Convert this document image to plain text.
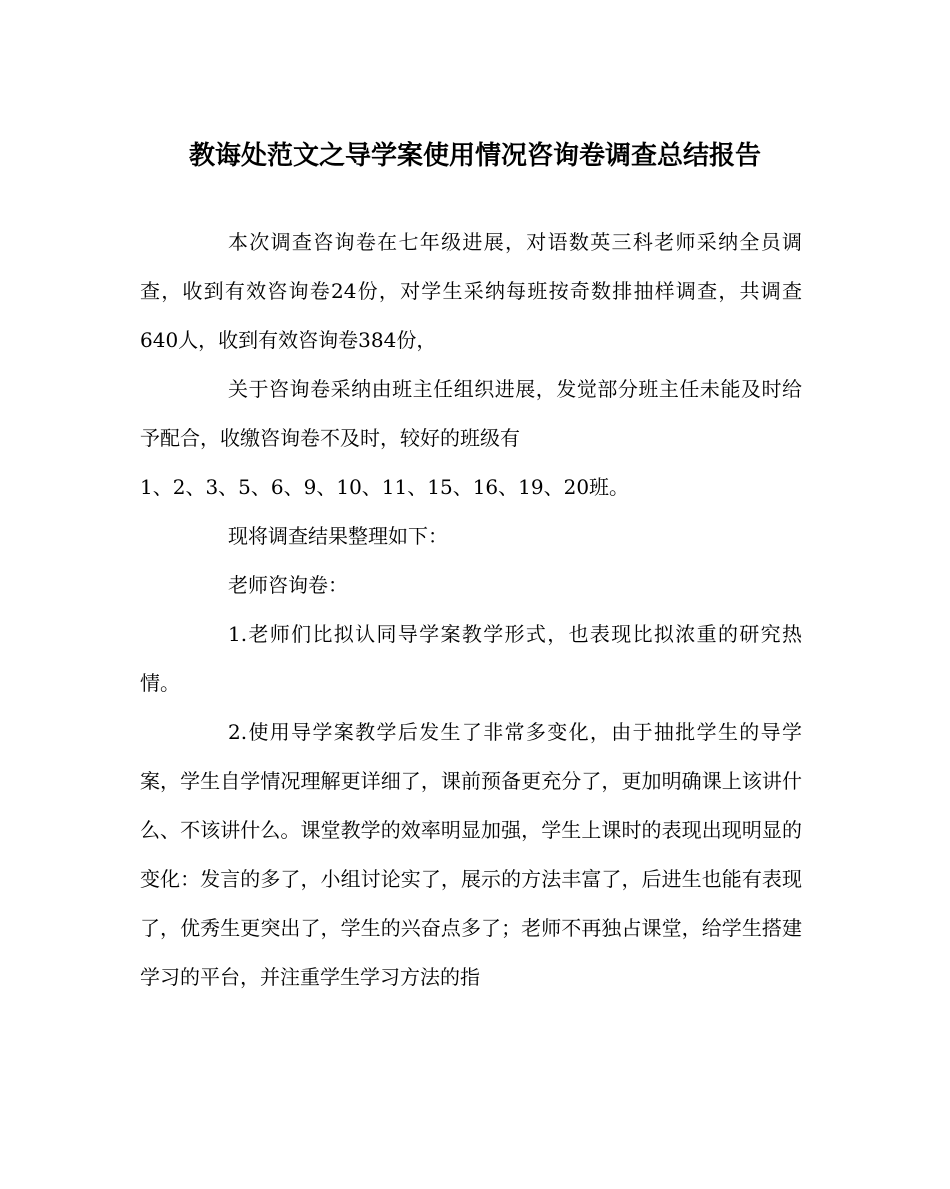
教诲处范文之导学案使用情况咨询卷调查总结报告

本次调查咨询卷在七年级进展，对语数英三科老师采纳全员调查，收到有效咨询卷24份，对学生采纳每班按奇数排抽样调查，共调查640人，收到有效咨询卷384份，

关于咨询卷采纳由班主任组织进展，发觉部分班主任未能及时给予配合，收缴咨询卷不及时，较好的班级有

1、2、3、5、6、9、10、11、15、16、19、20班。

现将调查结果整理如下：

老师咨询卷：

1.老师们比拟认同导学案教学形式，也表现比拟浓重的研究热情。

2.使用导学案教学后发生了非常多变化，由于抽批学生的导学案，学生自学情况理解更详细了，课前预备更充分了，更加明确课上该讲什么、不该讲什么。课堂教学的效率明显加强，学生上课时的表现出现明显的变化：发言的多了，小组讨论实了，展示的方法丰富了，后进生也能有表现了，优秀生更突出了，学生的兴奋点多了；老师不再独占课堂，给学生搭建学习的平台，并注重学生学习方法的指
